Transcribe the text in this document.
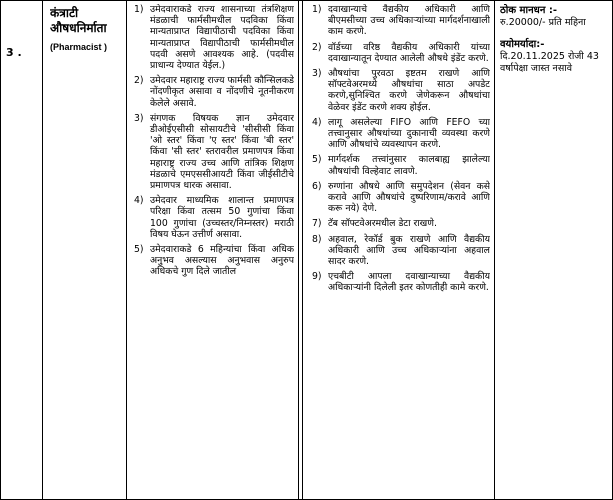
3 .
कंत्राटी औषधनिर्माता
(Pharmacist )
1) उमेदवाराकडे राज्य शासनाच्या तंत्रशिक्षण मंडळाची फार्मसीमधील पदविका किंवा मान्यताप्राप्त विद्यापीठाची पदविका किंवा मान्यताप्राप्त विद्यापीठाची फार्मसीमधील पदवी असणे आवश्यक आहे. (पदवीस प्राधान्य देण्यात येईल.)
2) उमेदवार महाराष्ट्र राज्य फार्मसी कौन्सिलकडे नोंदणीकृत असावा व नोंदणीचे नूतनीकरण केलेले असावे.
3) संगणक विषयक ज्ञान उमेदवार डीओईएसीसी सोसायटीचे 'सीसीसी किंवा 'ओ स्तर' किंवा 'ए स्तर' किंवा 'बी स्तर' किंवा 'सी स्तर' स्तरावरील प्रमाणपत्र किंवा महाराष्ट्र राज्य उच्च आणि तांत्रिक शिक्षण मंडळाचे एमएससीआयटी किंवा जीईसीटीचे प्रमाणपत्र धारक असावा.
4) उमेदवार माध्यमिक शालान्त प्रमाणपत्र परिक्षा किंवा तत्सम 50 गुणांचा किंवा 100 गुणांचा (उच्चस्तर/निम्नस्तर) मराठी विषय घेऊन उत्तीर्ण असावा.
5) उमेदवाराकडे 6 महिन्यांचा किंवा अधिक अनुभव असल्यास अनुभवास अनुरुप अधिकचे गुण दिले जातील
1) दवाखान्याचे वैद्यकीय अधिकारी आणि बीएमसीच्या उच्च अधिकाऱ्यांच्या मार्गदर्शनाखाली काम करणे.
2) वॉर्डच्या वरिष्ठ वैद्यकीय अधिकारी यांच्या दवाखान्यातून देण्यात आलेली औषधे इंडेंट करणे.
3) औषधांचा पुरवठा इष्टतम राखणे आणि सॉफ्टवेअरमध्ये औषधांचा साठा अपडेट करणे,सुनिश्चित करणे जेणेकरून औषधांचा वेळेवर इंडेंट करणे शक्य होईल.
4) लागू असलेल्या FIFO आणि FEFO च्या तत्त्वानुसार औषधांच्या दुकानाची व्यवस्था करणे आणि औषधांचे व्यवस्थापन करणे.
5) मार्गदर्शक तत्त्वांनुसार कालबाह्य झालेल्या औषधांची विल्हेवाट लावणे.
6) रुग्णांना औषधे आणि समुपदेशन (सेवन कसे करावे आणि औषधांचे दुष्परिणाम/करावे आणि करू नये) देणे.
7) टॅब सॉफ्टवेअरमधील डेटा राखणे.
8) अहवाल, रेकॉर्ड बुक राखणे आणि वैद्यकीय अधिकारी आणि उच्च अधिकाऱ्यांना अहवाल सादर करणे.
9) एचबीटी आपला दवाखान्याच्या वैद्यकीय अधिकाऱ्यांनी दिलेली इतर कोणतीही कामे करणे.
ठोक मानधन :-
रु.20000/- प्रति महिना
वयोमर्यादा:-
दि.20.11.2025 रोजी 43 वर्षापेक्षा जास्त नसावे
